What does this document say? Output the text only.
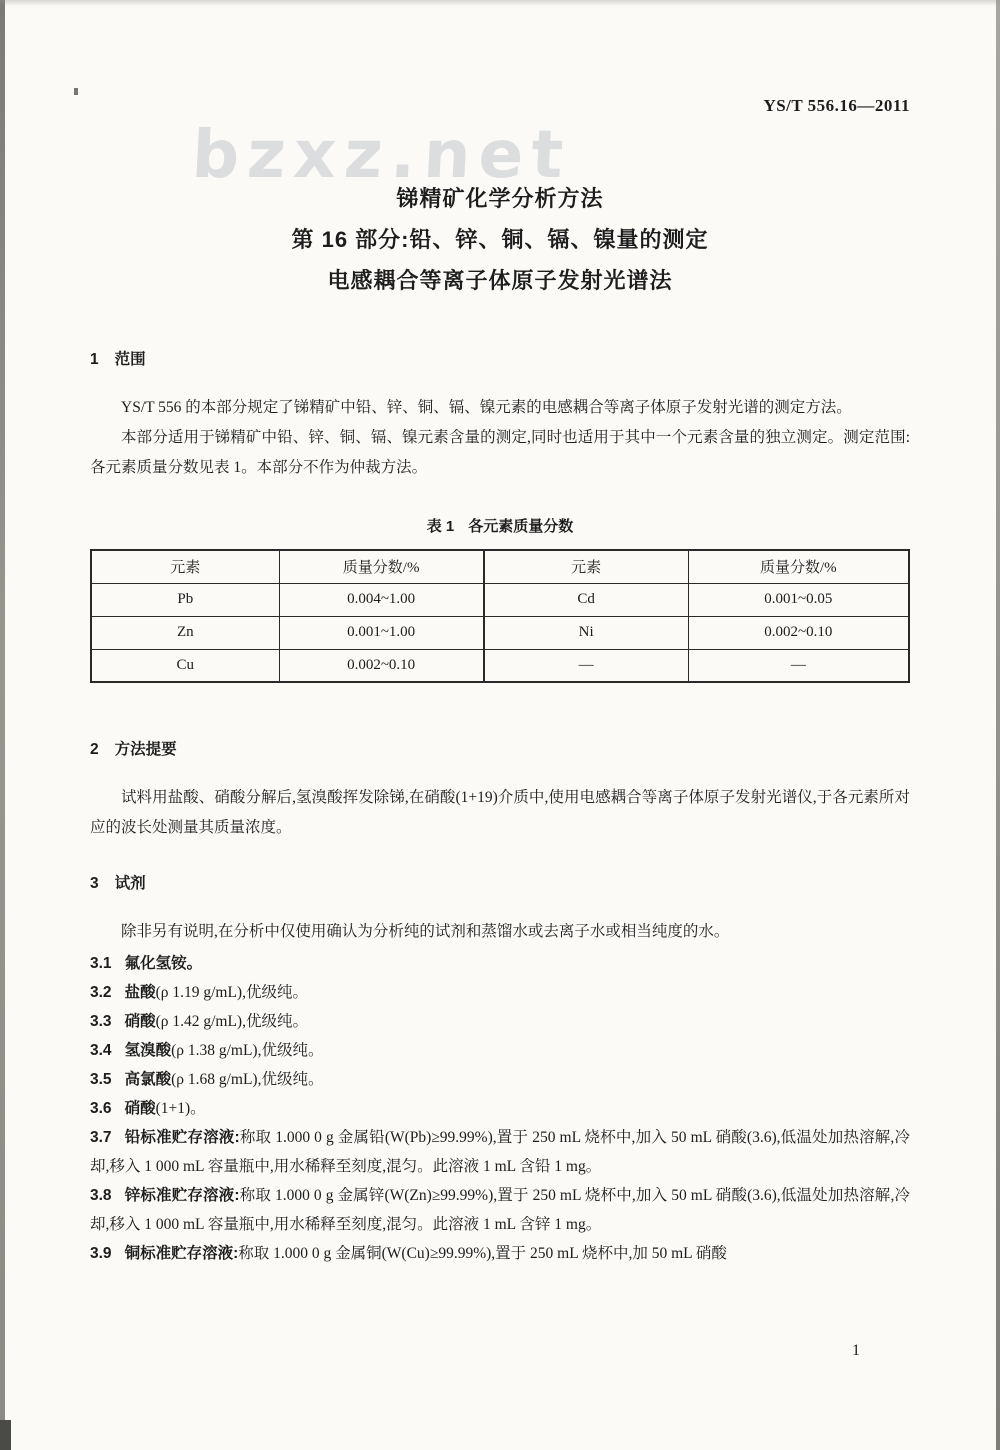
bzxz.net
YS/T 556.16—2011
锑精矿化学分析方法
第 16 部分:铅、锌、铜、镉、镍量的测定
电感耦合等离子体原子发射光谱法
1 范围

YS/T 556 的本部分规定了锑精矿中铅、锌、铜、镉、镍元素的电感耦合等离子体原子发射光谱的测定方法。

本部分适用于锑精矿中铅、锌、铜、镉、镍元素含量的测定,同时也适用于其中一个元素含量的独立测定。测定范围:各元素质量分数见表 1。本部分不作为仲裁方法。

表 1 各元素质量分数
元素	质量分数/%	元素	质量分数/%
Pb	0.004~1.00	Cd	0.001~0.05
Zn	0.001~1.00	Ni	0.002~0.10
Cu	0.002~0.10	—	—
2 方法提要

试料用盐酸、硝酸分解后,氢溴酸挥发除锑,在硝酸(1+19)介质中,使用电感耦合等离子体原子发射光谱仪,于各元素所对应的波长处测量其质量浓度。

3 试剂

除非另有说明,在分析中仅使用确认为分析纯的试剂和蒸馏水或去离子水或相当纯度的水。

3.1 氟化氢铵。

3.2 盐酸(ρ 1.19 g/mL),优级纯。

3.3 硝酸(ρ 1.42 g/mL),优级纯。

3.4 氢溴酸(ρ 1.38 g/mL),优级纯。

3.5 高氯酸(ρ 1.68 g/mL),优级纯。

3.6 硝酸(1+1)。

3.7 铅标准贮存溶液:称取 1.000 0 g 金属铅(W(Pb)≥99.99%),置于 250 mL 烧杯中,加入 50 mL 硝酸(3.6),低温处加热溶解,冷却,移入 1 000 mL 容量瓶中,用水稀释至刻度,混匀。此溶液 1 mL 含铅 1 mg。

3.8 锌标准贮存溶液:称取 1.000 0 g 金属锌(W(Zn)≥99.99%),置于 250 mL 烧杯中,加入 50 mL 硝酸(3.6),低温处加热溶解,冷却,移入 1 000 mL 容量瓶中,用水稀释至刻度,混匀。此溶液 1 mL 含锌 1 mg。

3.9 铜标准贮存溶液:称取 1.000 0 g 金属铜(W(Cu)≥99.99%),置于 250 mL 烧杯中,加 50 mL 硝酸

1
